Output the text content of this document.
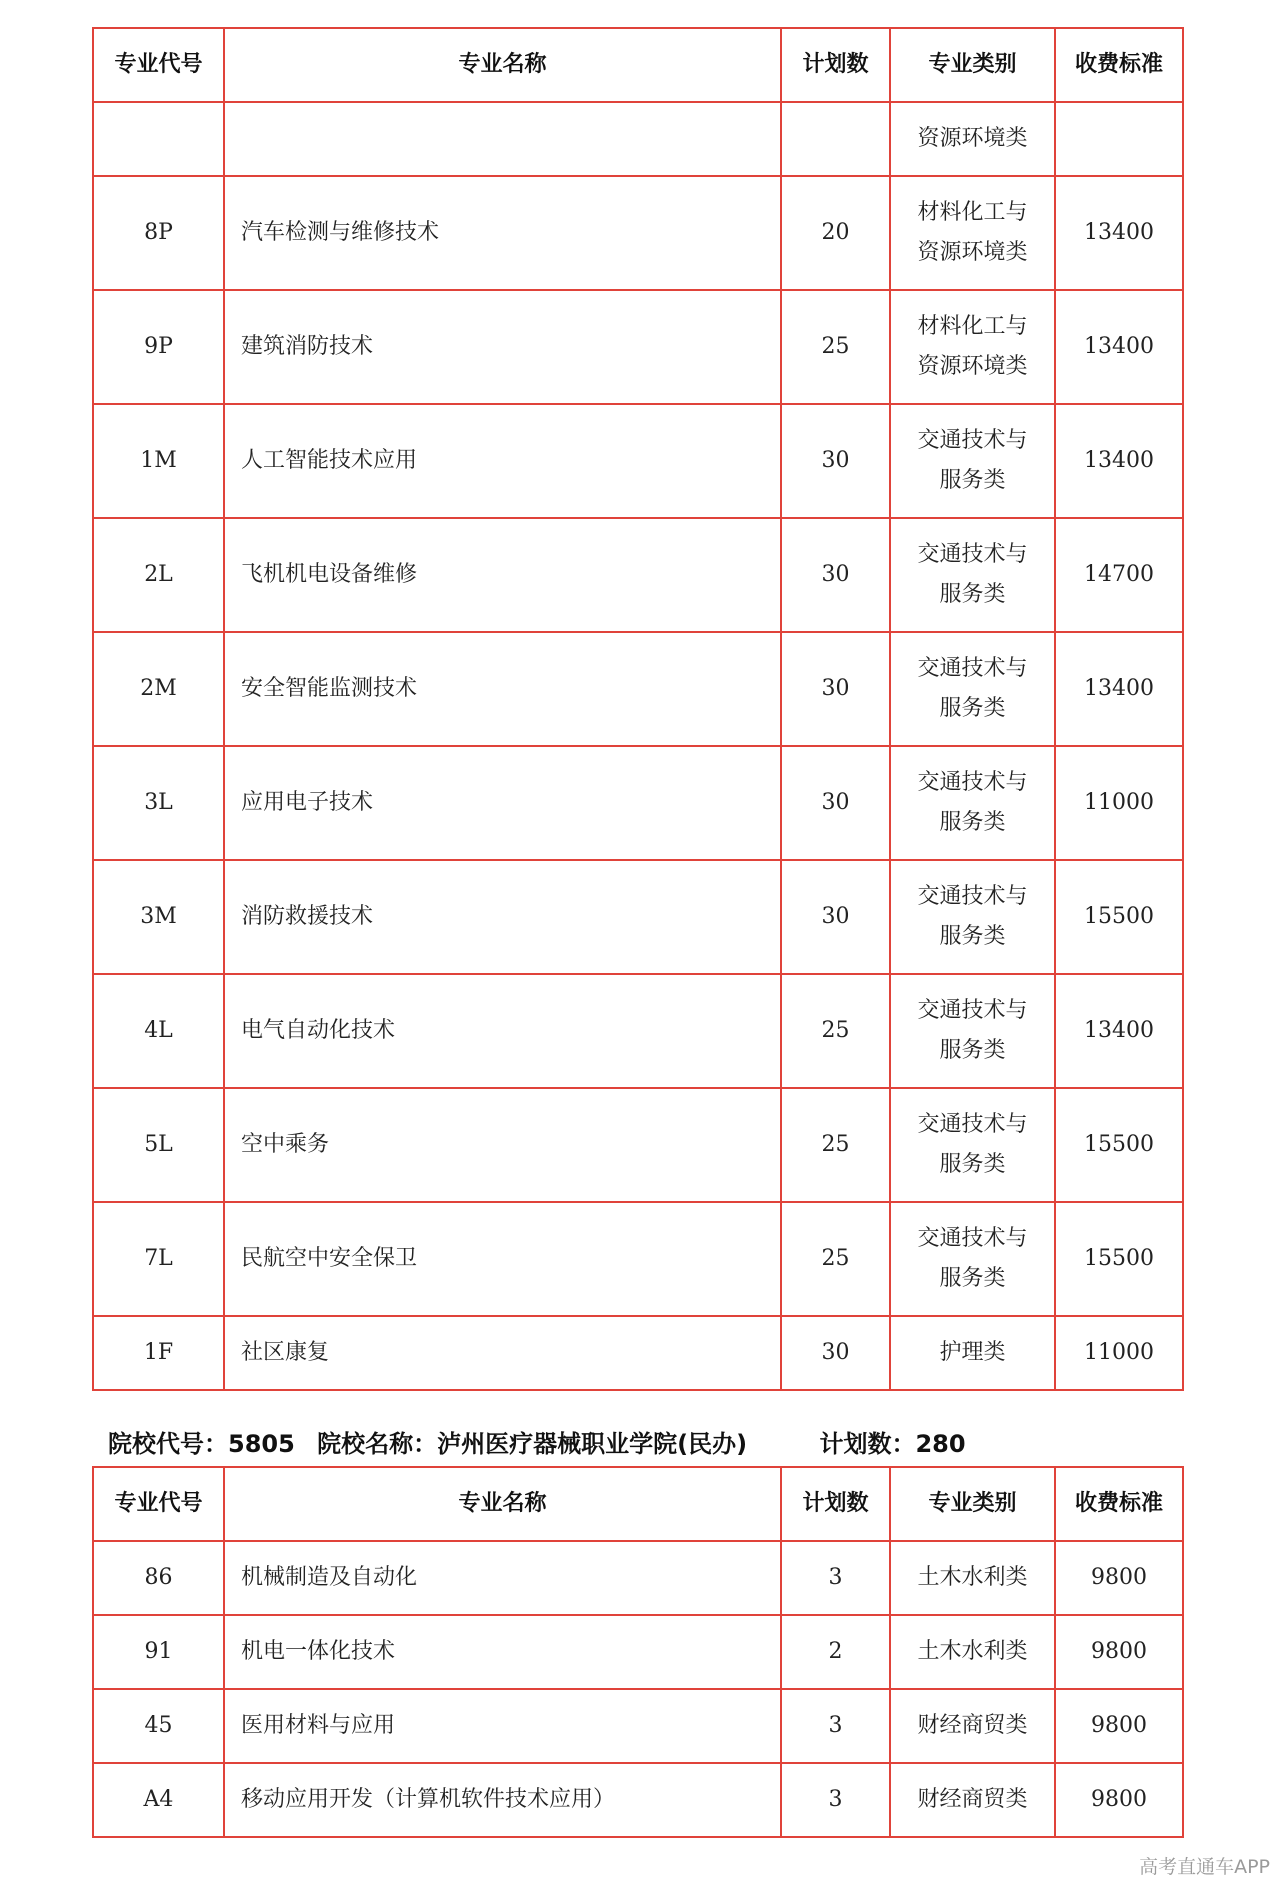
专业代号	专业名称	计划数	专业类别	收费标准
			资源环境类	
8P	汽车检测与维修技术	20	材料化工与
资源环境类	13400
9P	建筑消防技术	25	材料化工与
资源环境类	13400
1M	人工智能技术应用	30	交通技术与
服务类	13400
2L	飞机机电设备维修	30	交通技术与
服务类	14700
2M	安全智能监测技术	30	交通技术与
服务类	13400
3L	应用电子技术	30	交通技术与
服务类	11000
3M	消防救援技术	30	交通技术与
服务类	15500
4L	电气自动化技术	25	交通技术与
服务类	13400
5L	空中乘务	25	交通技术与
服务类	15500
7L	民航空中安全保卫	25	交通技术与
服务类	15500
1F	社区康复	30	护理类	11000
院校代号：5805 院校名称：泸州医疗器械职业学院(民办)	计划数：280
专业代号	专业名称	计划数	专业类别	收费标准
86	机械制造及自动化	3	土木水利类	9800
91	机电一体化技术	2	土木水利类	9800
45	医用材料与应用	3	财经商贸类	9800
A4	移动应用开发（计算机软件技术应用）	3	财经商贸类	9800
高考直通车APP
